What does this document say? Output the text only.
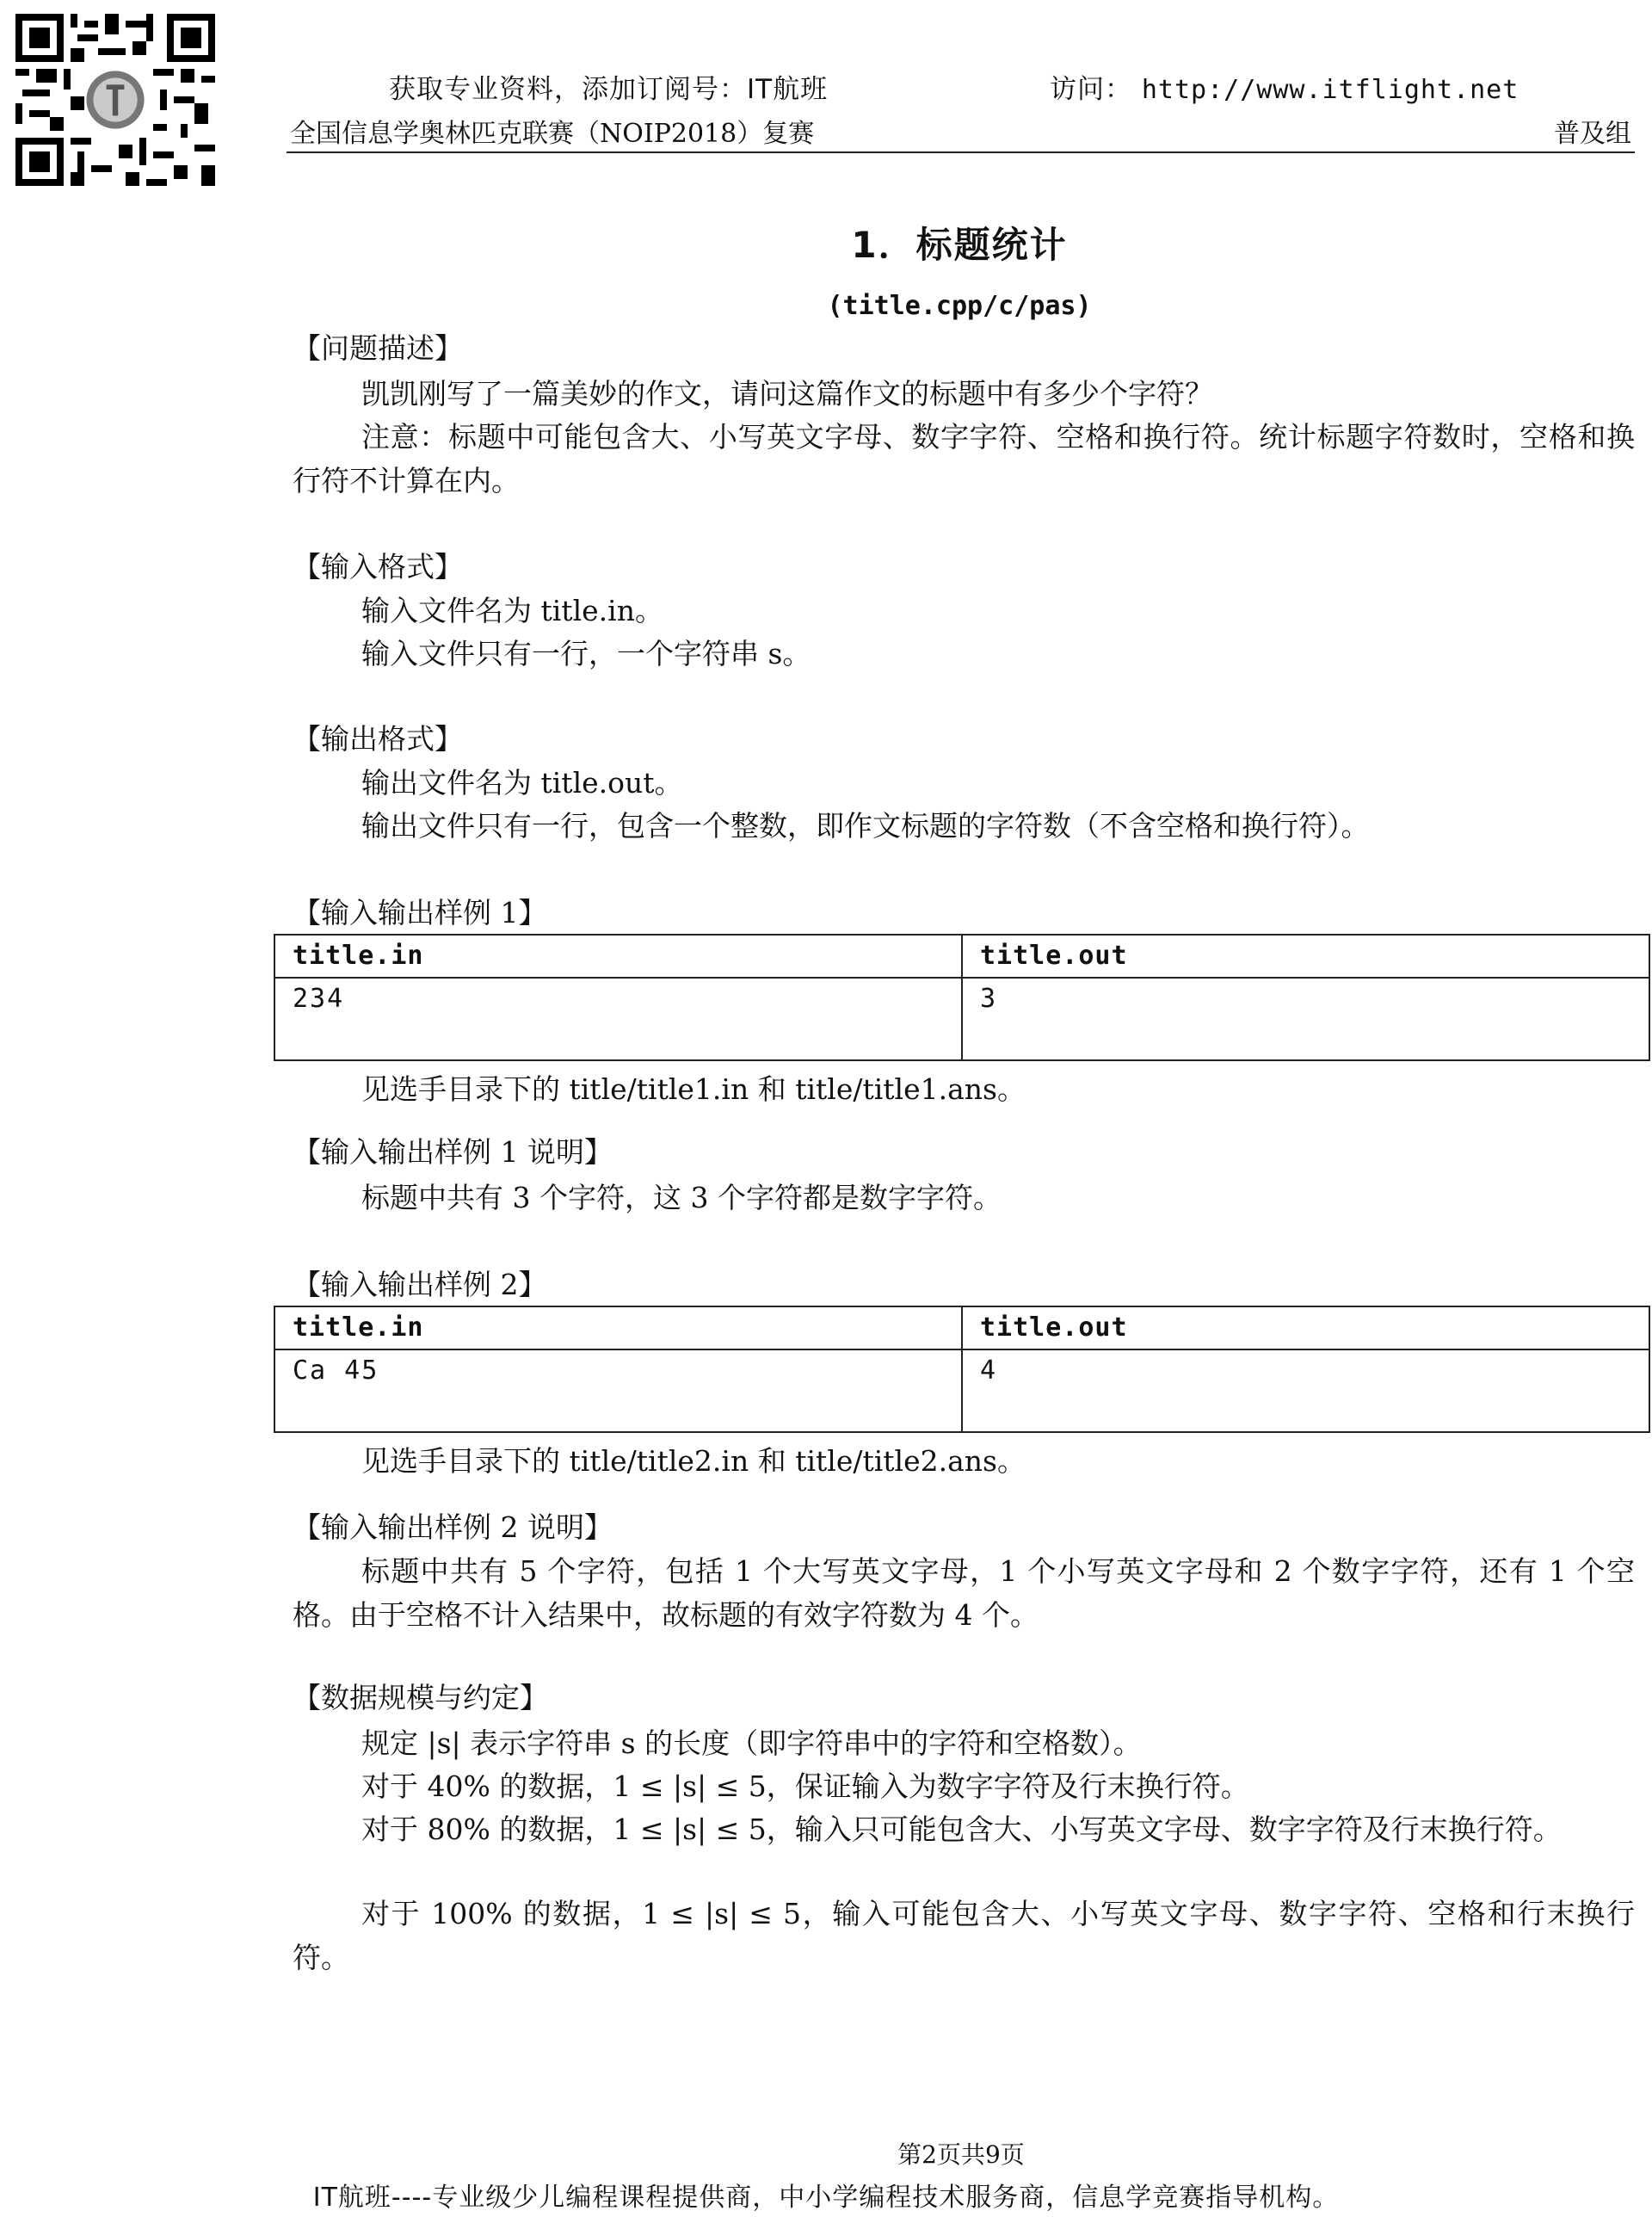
获取专业资料，添加订阅号：IT航班	访问： http://www.itflight.net
全国信息学奥林匹克联赛（NOIP2018）复赛	普及组
1．标题统计
(title.cpp/c/pas)
【问题描述】
凯凯刚写了一篇美妙的作文，请问这篇作文的标题中有多少个字符？
注意：标题中可能包含大、小写英文字母、数字字符、空格和换行符。统计标题字符数时，空格和换行符不计算在内。
【输入格式】
输入文件名为 title.in。
输入文件只有一行，一个字符串 s。
【输出格式】
输出文件名为 title.out。
输出文件只有一行，包含一个整数，即作文标题的字符数（不含空格和换行符）。
【输入输出样例 1】
title.in	title.out
234	3
见选手目录下的 title/title1.in 和 title/title1.ans。
【输入输出样例 1 说明】
标题中共有 3 个字符，这 3 个字符都是数字字符。
【输入输出样例 2】
title.in	title.out
Ca 45	4
见选手目录下的 title/title2.in 和 title/title2.ans。
【输入输出样例 2 说明】
标题中共有 5 个字符，包括 1 个大写英文字母，1 个小写英文字母和 2 个数字字符，还有 1 个空格。由于空格不计入结果中，故标题的有效字符数为 4 个。
【数据规模与约定】
规定 |s| 表示字符串 s 的长度（即字符串中的字符和空格数）。
对于 40% 的数据，1 ≤ |s| ≤ 5，保证输入为数字字符及行末换行符。
对于 80% 的数据，1 ≤ |s| ≤ 5，输入只可能包含大、小写英文字母、数字字符及行末换行符。
对于 100% 的数据，1 ≤ |s| ≤ 5，输入可能包含大、小写英文字母、数字字符、空格和行末换行符。
第2页共9页
IT航班----专业级少儿编程课程提供商，中小学编程技术服务商，信息学竞赛指导机构。
